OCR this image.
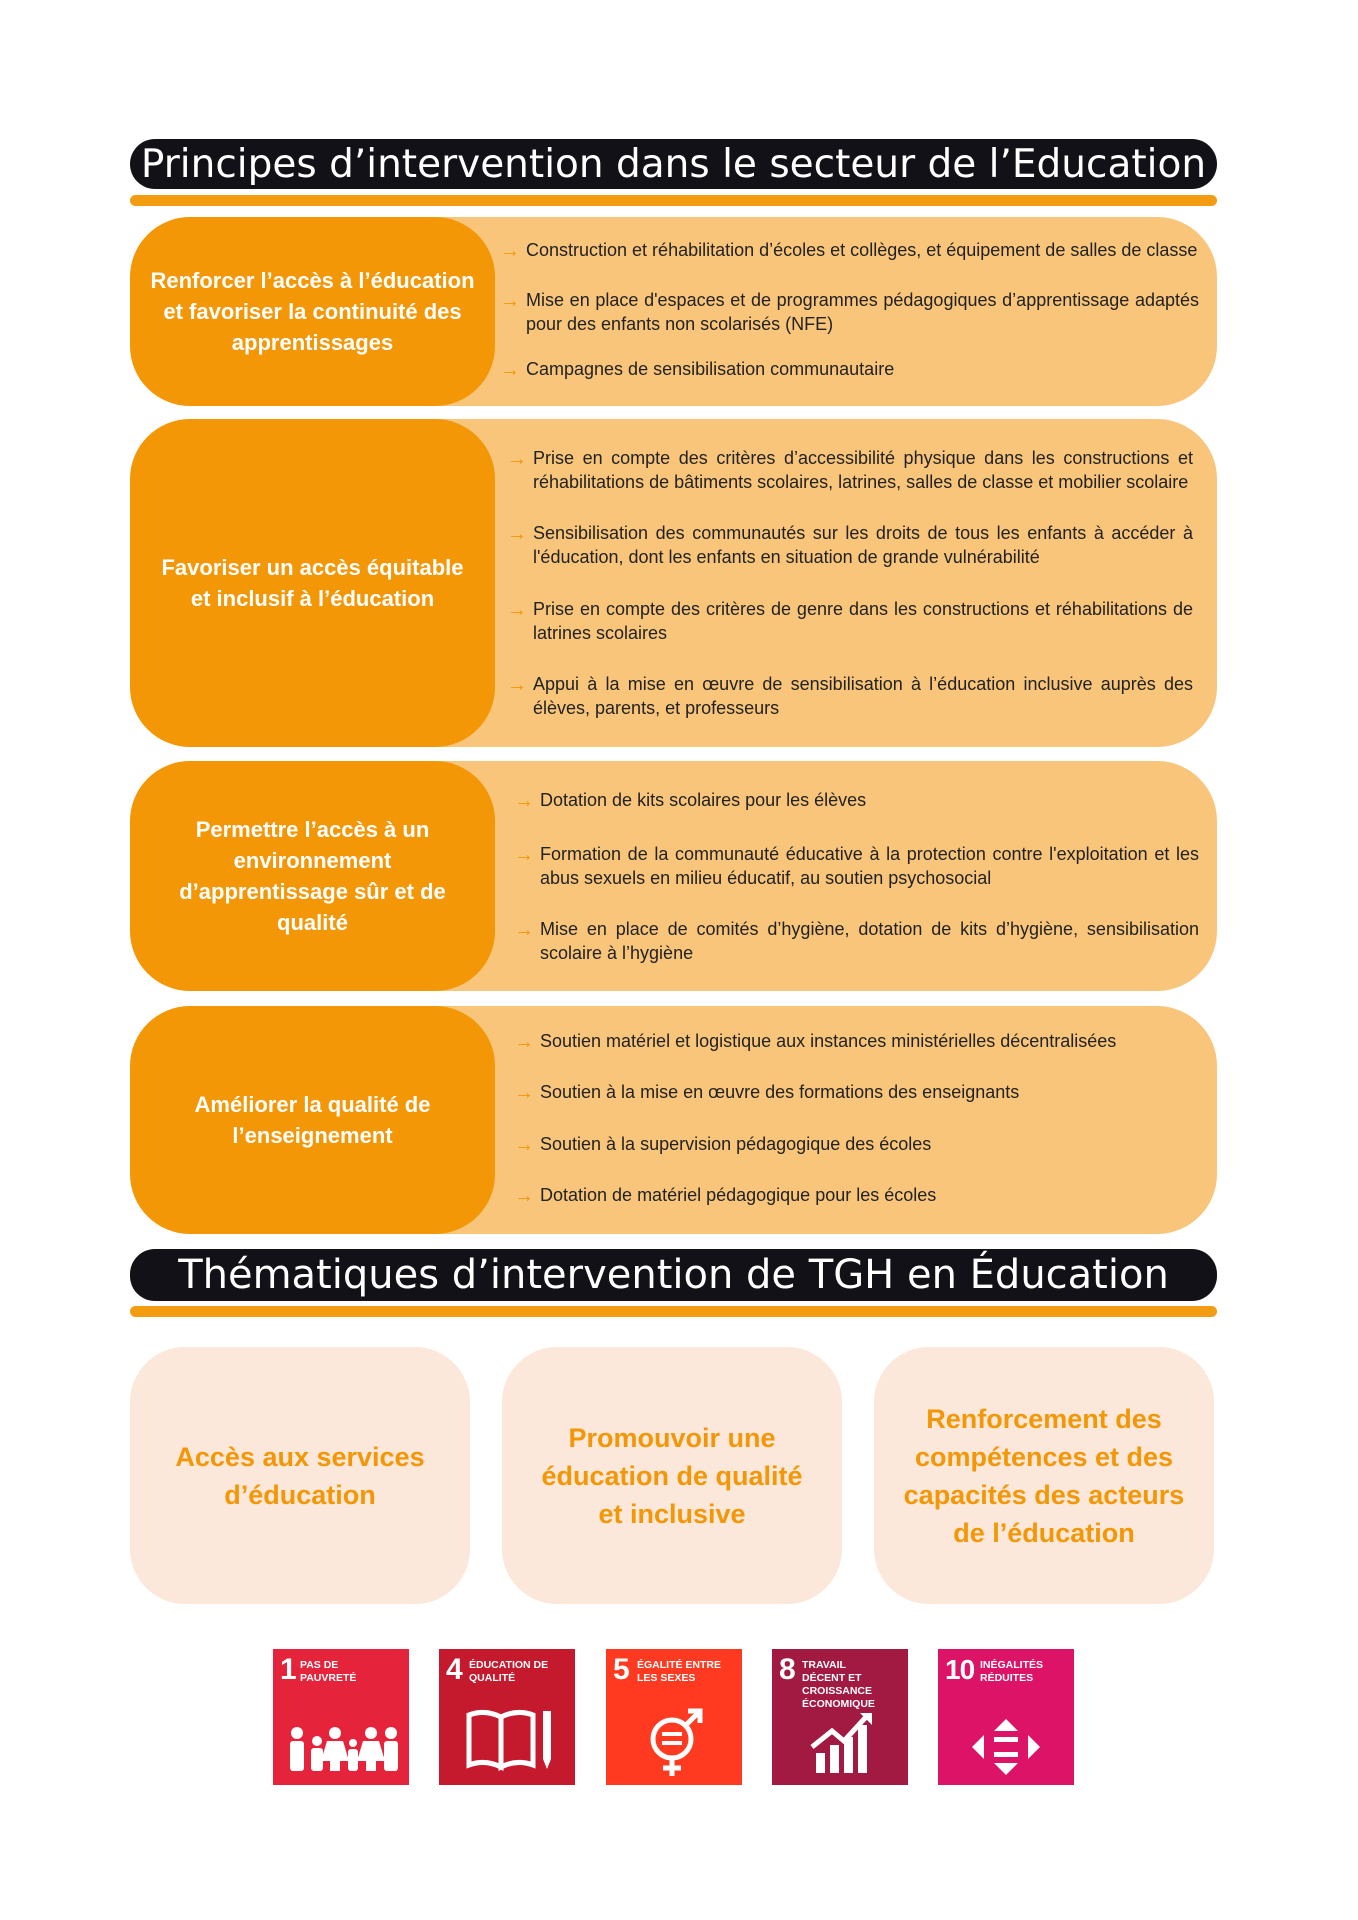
Principes d’intervention dans le secteur de l’Education
Renforcer l’accès à l’éducation et favoriser la continuité des apprentissages
→ Construction et réhabilitation d’écoles et collèges, et équipement de salles de classe
→ Mise en place d'espaces et de programmes pédagogiques d’apprentissage adaptés pour des enfants non scolarisés (NFE)
→ Campagnes de sensibilisation communautaire
Favoriser un accès équitable et inclusif à l’éducation
→ Prise en compte des critères d’accessibilité physique dans les constructions et réhabilitations de bâtiments scolaires, latrines, salles de classe et mobilier scolaire
→ Sensibilisation des communautés sur les droits de tous les enfants à accéder à l'éducation, dont les enfants en situation de grande vulnérabilité
→ Prise en compte des critères de genre dans les constructions et réhabilitations de latrines scolaires
→ Appui à la mise en œuvre de sensibilisation à l’éducation inclusive auprès des élèves, parents, et professeurs
Permettre l’accès à un environnement d’apprentissage sûr et de qualité
→ Dotation de kits scolaires pour les élèves
→ Formation de la communauté éducative à la protection contre l'exploitation et les abus sexuels en milieu éducatif, au soutien psychosocial
→ Mise en place de comités d’hygiène, dotation de kits d’hygiène, sensibilisation scolaire à l’hygiène
Améliorer la qualité de l’enseignement
→ Soutien matériel et logistique aux instances ministérielles décentralisées
→ Soutien à la mise en œuvre des formations des enseignants
→ Soutien à la supervision pédagogique des écoles
→ Dotation de matériel pédagogique pour les écoles
Thématiques d’intervention de TGH en Éducation
Accès aux services d’éducation
Promouvoir une éducation de qualité et inclusive
Renforcement des compétences et des capacités des acteurs de l’éducation
1 PAS DE PAUVRETÉ	4 ÉDUCATION DE QUALITÉ	5 ÉGALITÉ ENTRE LES SEXES	8 TRAVAIL DÉCENT ET CROISSANCE ÉCONOMIQUE
10 INÉGALITÉS RÉDUITES
